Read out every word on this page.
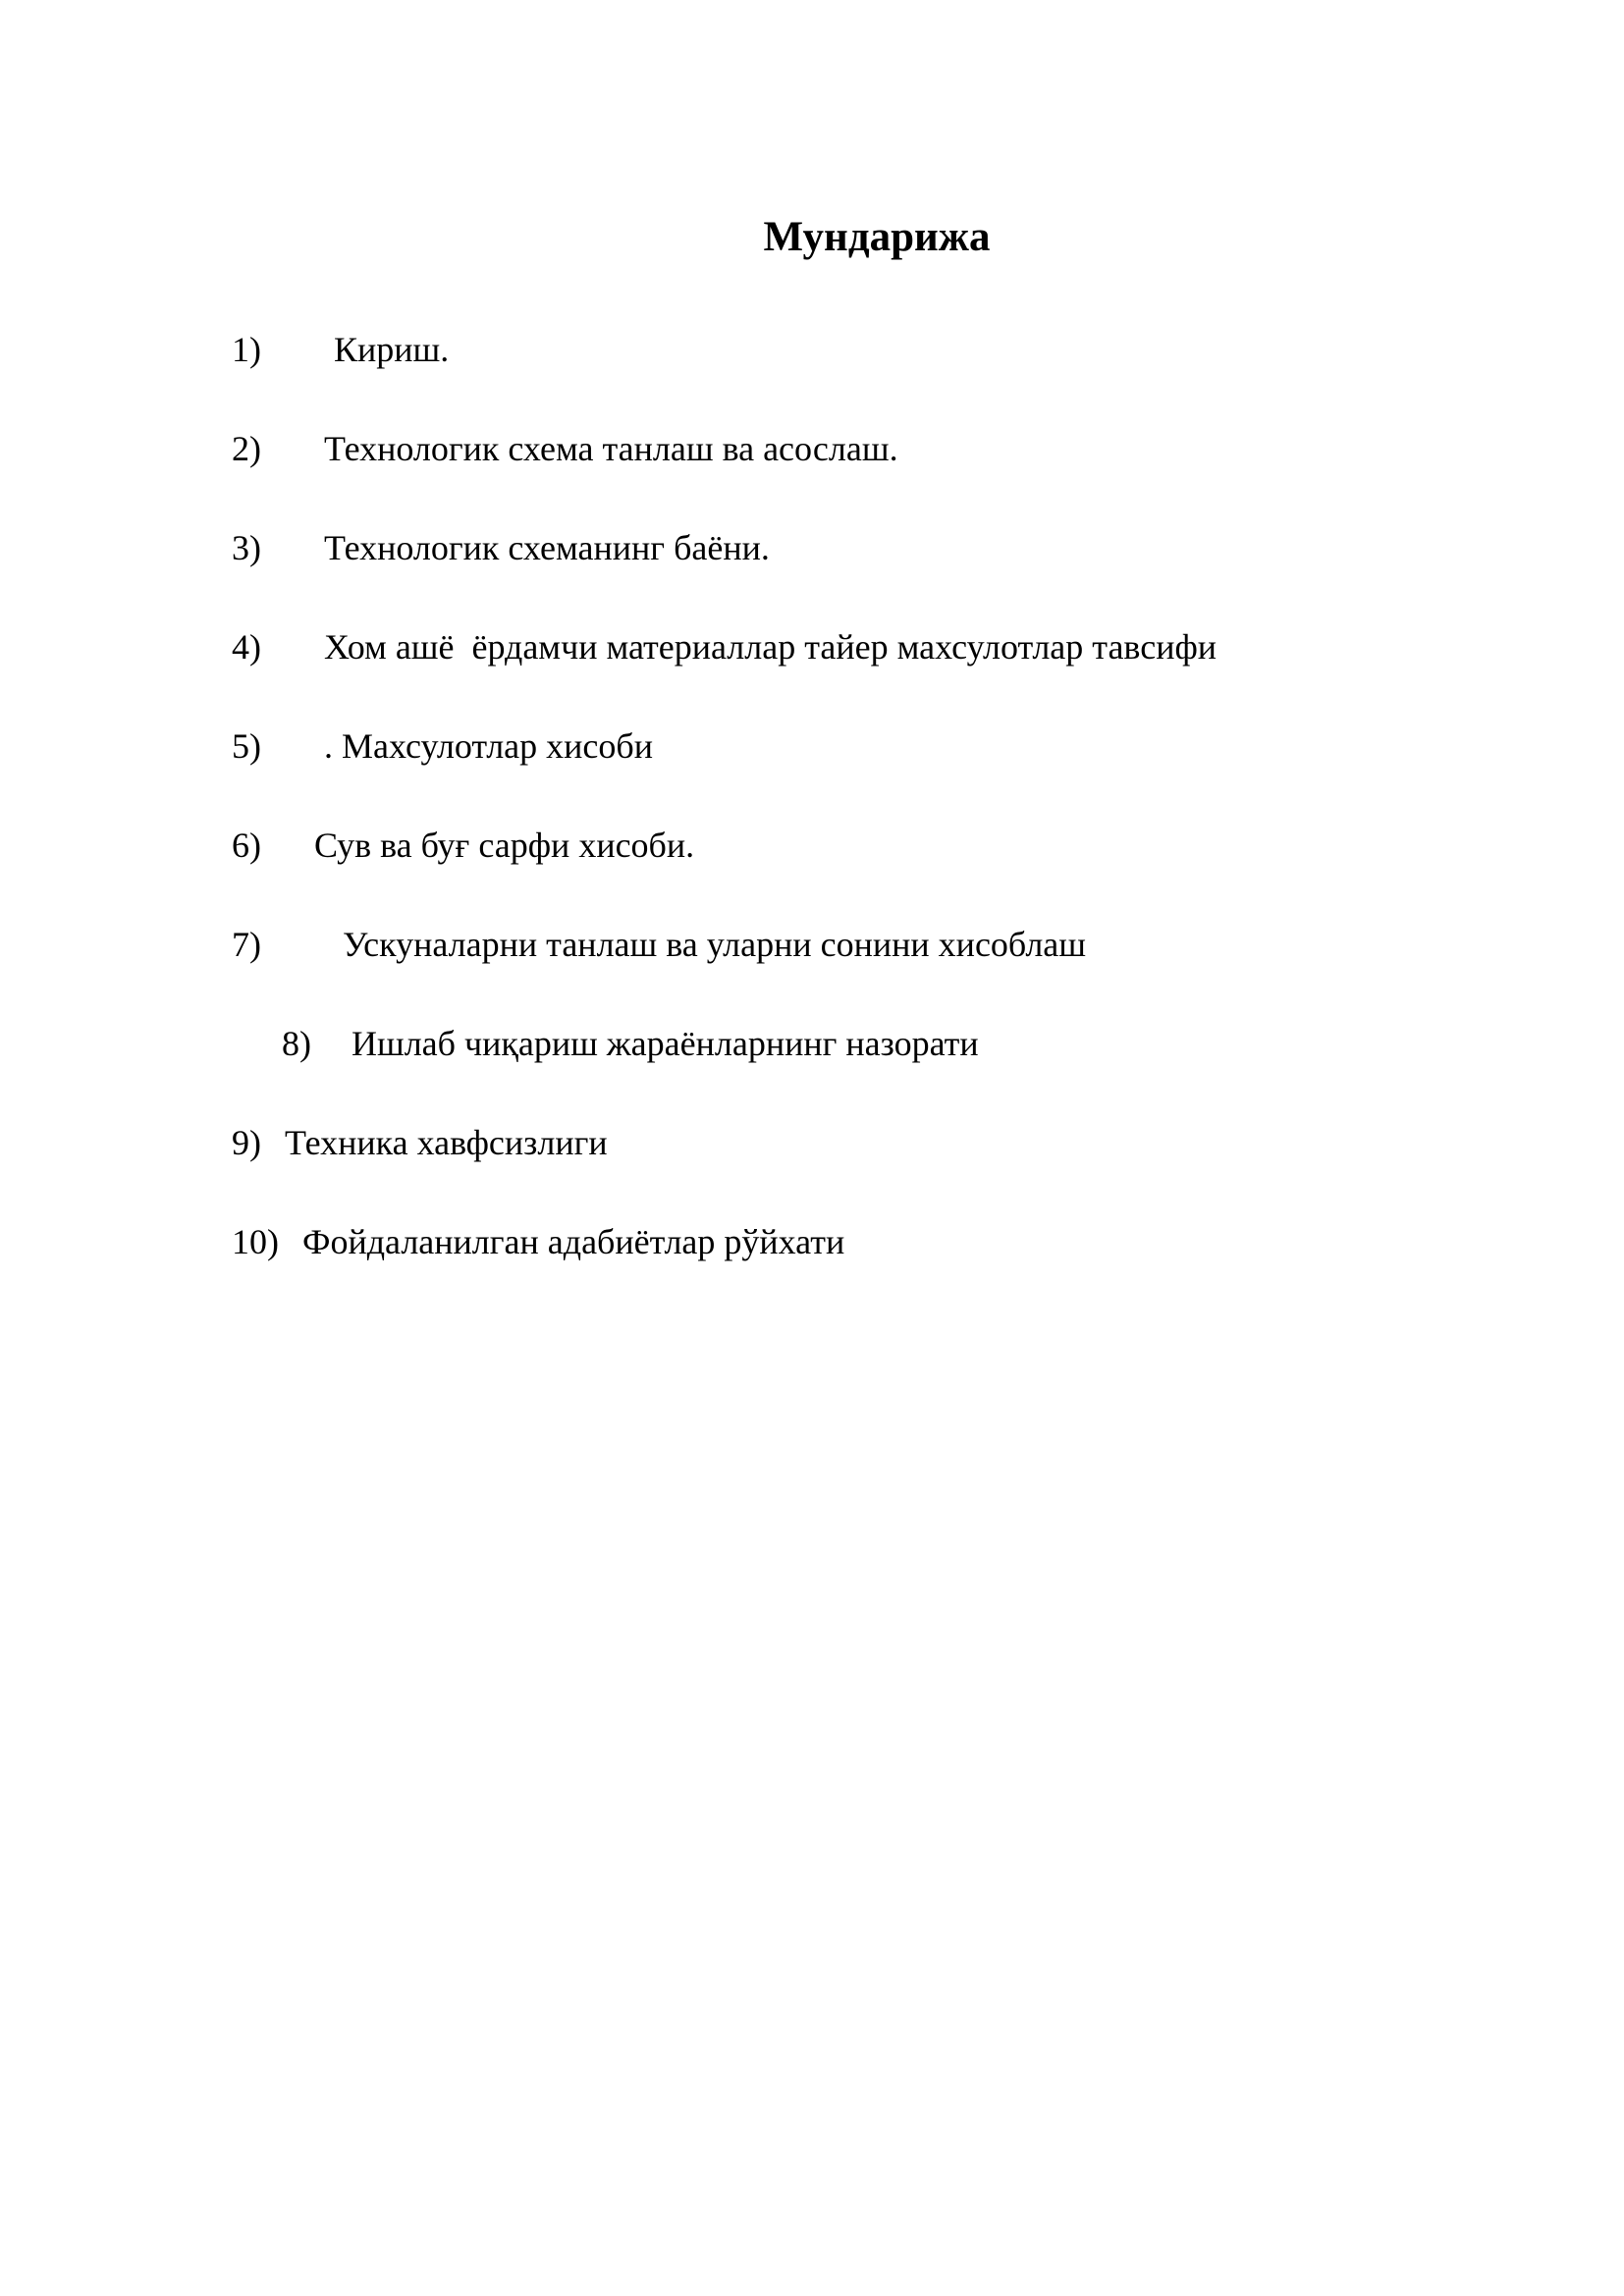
Мундарижа

1)

Кириш.

2)

Технологик схема танлаш ва асослаш.

3)

Технологик схеманинг баёни.

4)

Хом ашё  ёрдамчи материаллар тайер махсулотлар тавсифи

5)

. Махсулотлар хисоби

6)

Сув ва буғ сарфи хисоби.

7)

Ускуналарни танлаш ва уларни сонини хисоблаш

8)

Ишлаб чиқариш жараёнларнинг назорати

9)

Техника хавфсизлиги

10)

Фойдаланилган адабиётлар рўйхати
